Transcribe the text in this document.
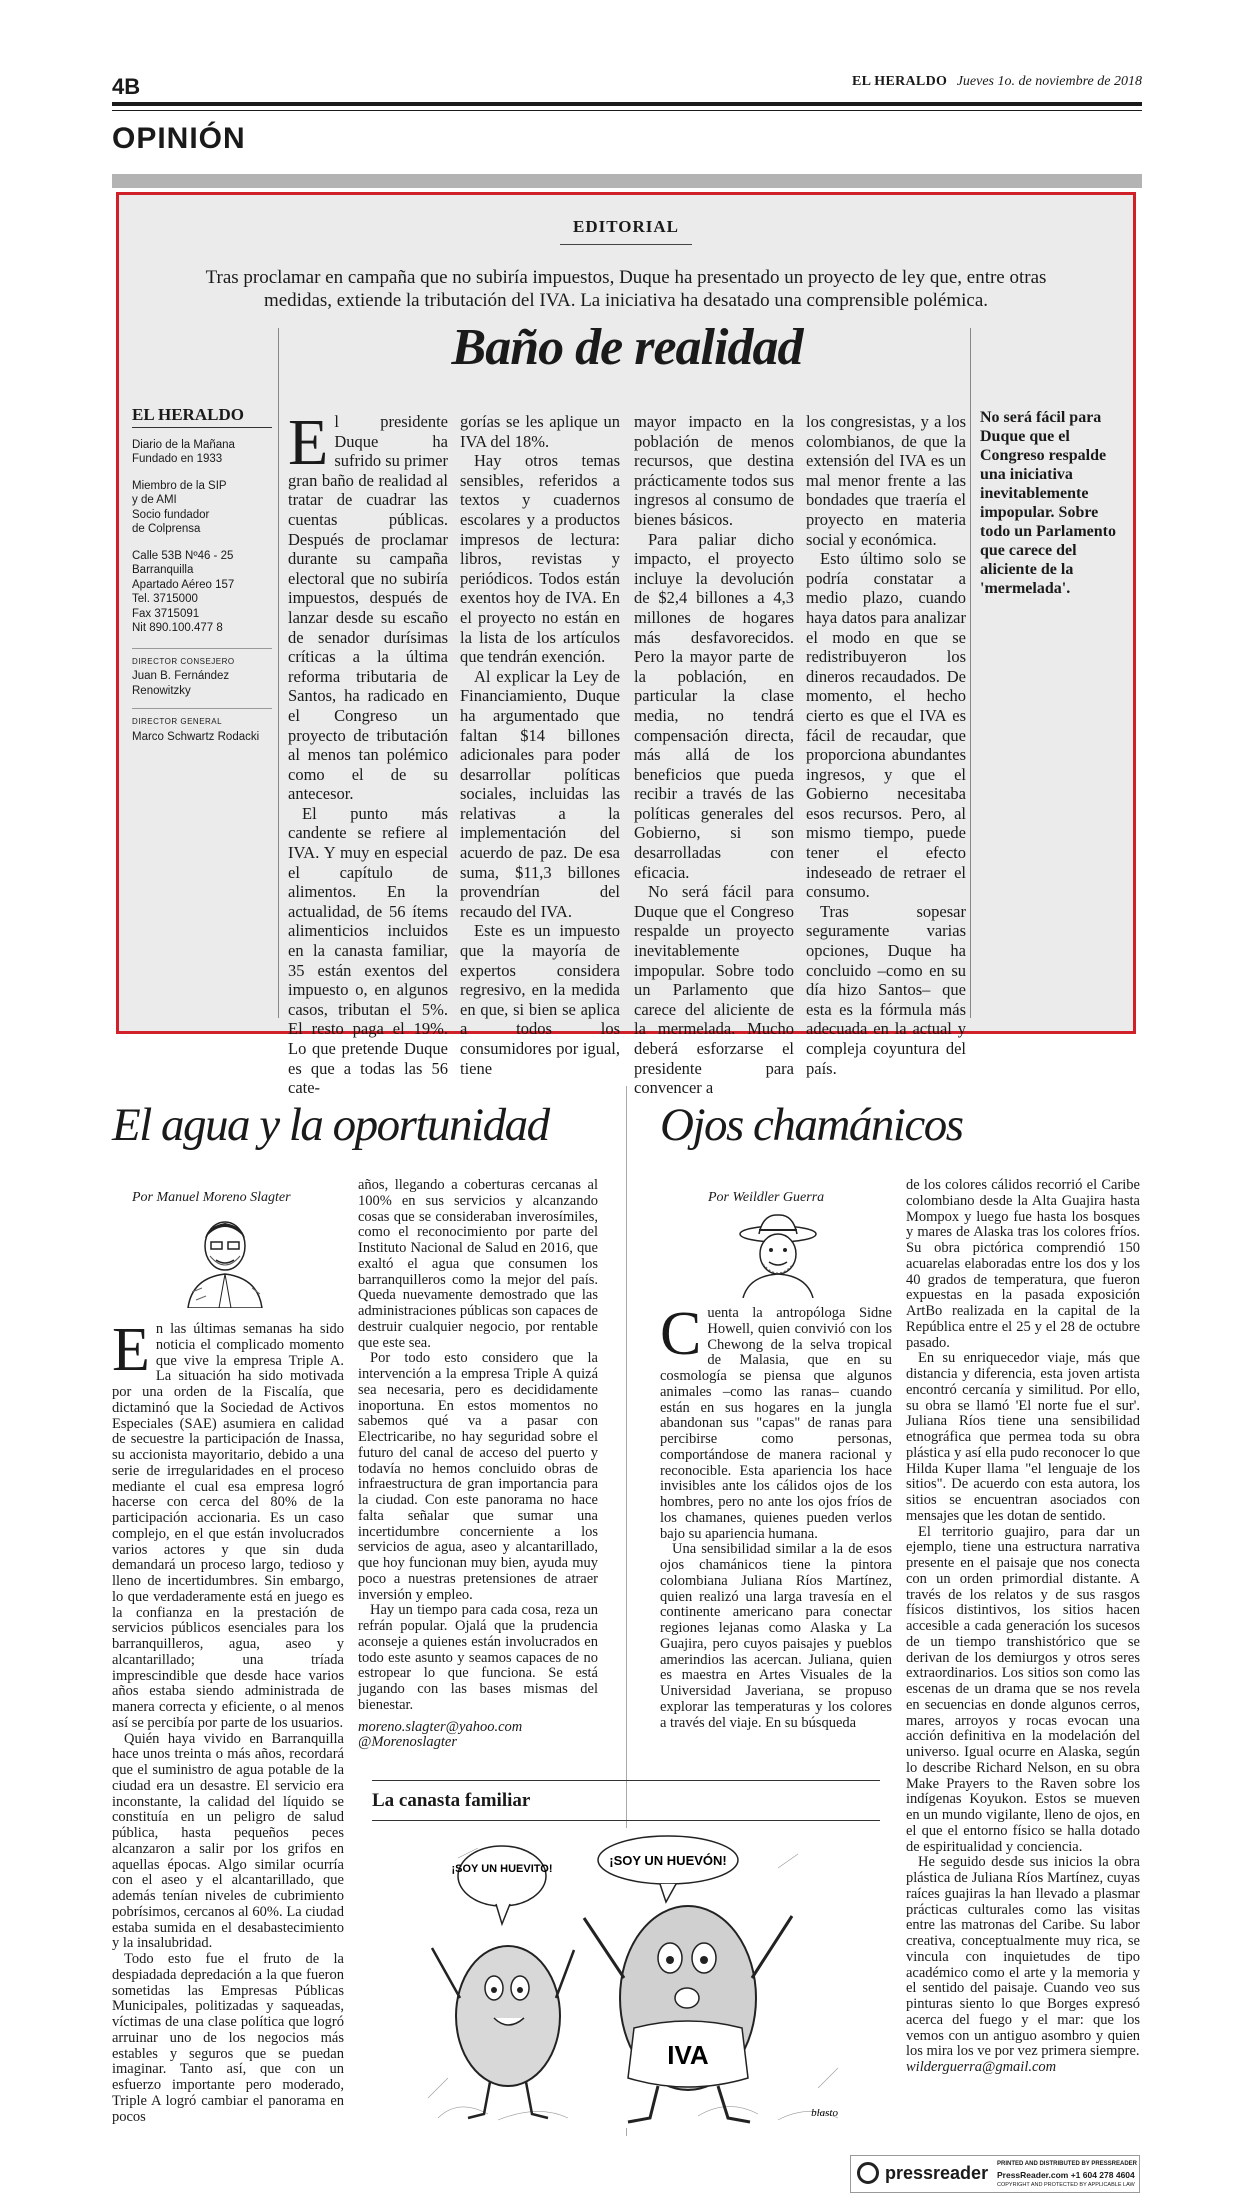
4B	EL HERALDO Jueves 1o. de noviembre de 2018
OPINIÓN
EDITORIAL
Tras proclamar en campaña que no subiría impuestos, Duque ha presentado un proyecto de ley que, entre otras medidas, extiende la tributación del IVA. La iniciativa ha desatado una comprensible polémica.
Baño de realidad
EL HERALDO
Diario de la Mañana
Fundado en 1933
Miembro de la SIP
y de AMI
Socio fundador
de Colprensa
Calle 53B Nº46 - 25
Barranquilla
Apartado Aéreo 157
Tel. 3715000
Fax 3715091
Nit 890.100.477 8
DIRECTOR CONSEJERO
Juan B. Fernández Renowitzky
DIRECTOR GENERAL
Marco Schwartz Rodacki

El presidente Duque ha sufrido su primer gran baño de realidad al tratar de cuadrar las cuentas públicas. Después de proclamar durante su campaña electoral que no subiría impuestos, después de lanzar desde su escaño de senador durísimas críticas a la última reforma tributaria de Santos, ha radicado en el Congreso un proyecto de tributación al menos tan polémico como el de su antecesor.

El punto más candente se refiere al IVA. Y muy en especial el capítulo de alimentos. En la actualidad, de 56 ítems alimenticios incluidos en la canasta familiar, 35 están exentos del impuesto o, en algunos casos, tributan el 5%. El resto paga el 19%. Lo que pretende Duque es que a todas las 56 cate-

gorías se les aplique un IVA del 18%.

Hay otros temas sensibles, referidos a textos y cuadernos escolares y a productos impresos de lectura: libros, revistas y periódicos. Todos están exentos hoy de IVA. En el proyecto no están en la lista de los artículos que tendrán exención.

Al explicar la Ley de Financiamiento, Duque ha argumentado que faltan $14 billones adicionales para poder desarrollar políticas sociales, incluidas las relativas a la implementación del acuerdo de paz. De esa suma, $11,3 billones provendrían del recaudo del IVA.

Este es un impuesto que la mayoría de expertos considera regresivo, en la medida en que, si bien se aplica a todos los consumidores por igual, tiene

mayor impacto en la población de menos recursos, que destina prácticamente todos sus ingresos al consumo de bienes básicos.

Para paliar dicho impacto, el proyecto incluye la devolución de $2,4 billones a 4,3 millones de hogares más desfavorecidos. Pero la mayor parte de la población, en particular la clase media, no tendrá compensación directa, más allá de los beneficios que pueda recibir a través de las políticas generales del Gobierno, si son desarrolladas con eficacia.

No será fácil para Duque que el Congreso respalde un proyecto inevitablemente impopular. Sobre todo un Parlamento que carece del aliciente de la mermelada. Mucho deberá esforzarse el presidente para convencer a

los congresistas, y a los colombianos, de que la extensión del IVA es un mal menor frente a las bondades que traería el proyecto en materia social y económica.

Esto último solo se podría constatar a medio plazo, cuando haya datos para analizar el modo en que se redistribuyeron los dineros recaudados. De momento, el hecho cierto es que el IVA es fácil de recaudar, que proporciona abundantes ingresos, y que el Gobierno necesitaba esos recursos. Pero, al mismo tiempo, puede tener el efecto indeseado de retraer el consumo.

Tras sopesar seguramente varias opciones, Duque ha concluido –como en su día hizo Santos– que esta es la fórmula más adecuada en la actual y compleja coyuntura del país.

No será fácil para Duque que el Congreso respalde una iniciativa inevitablemente impopular. Sobre todo un Parlamento que carece del aliciente de la 'mermelada'.
El agua y la oportunidad
Por Manuel Moreno Slagter

En las últimas semanas ha sido noticia el complicado momento que vive la empresa Triple A. La situación ha sido motivada por una orden de la Fiscalía, que dictaminó que la Sociedad de Activos Especiales (SAE) asumiera en calidad de secuestre la participación de Inassa, su accionista mayoritario, debido a una serie de irregularidades en el proceso mediante el cual esa empresa logró hacerse con cerca del 80% de la participación accionaria. Es un caso complejo, en el que están involucrados varios actores y que sin duda demandará un proceso largo, tedioso y lleno de incertidumbres. Sin embargo, lo que verdaderamente está en juego es la confianza en la prestación de servicios públicos esenciales para los barranquilleros, agua, aseo y alcantarillado; una tríada imprescindible que desde hace varios años estaba siendo administrada de manera correcta y eficiente, o al menos así se percibía por parte de los usuarios.

Quién haya vivido en Barranquilla hace unos treinta o más años, recordará que el suministro de agua potable de la ciudad era un desastre. El servicio era inconstante, la calidad del líquido se constituía en un peligro de salud pública, hasta pequeños peces alcanzaron a salir por los grifos en aquellas épocas. Algo similar ocurría con el aseo y el alcantarillado, que además tenían niveles de cubrimiento pobrísimos, cercanos al 60%. La ciudad estaba sumida en el desabastecimiento y la insalubridad.

Todo esto fue el fruto de la despiadada depredación a la que fueron sometidas las Empresas Públicas Municipales, politizadas y saqueadas, víctimas de una clase política que logró arruinar uno de los negocios más estables y seguros que se puedan imaginar. Tanto así, que con un esfuerzo importante pero moderado, Triple A logró cambiar el panorama en pocos

años, llegando a coberturas cercanas al 100% en sus servicios y alcanzando cosas que se consideraban inverosímiles, como el reconocimiento por parte del Instituto Nacional de Salud en 2016, que exaltó el agua que consumen los barranquilleros como la mejor del país. Queda nuevamente demostrado que las administraciones públicas son capaces de destruir cualquier negocio, por rentable que este sea.

Por todo esto considero que la intervención a la empresa Triple A quizá sea necesaria, pero es decididamente inoportuna. En estos momentos no sabemos qué va a pasar con Electricaribe, no hay seguridad sobre el futuro del canal de acceso del puerto y todavía no hemos concluido obras de infraestructura de gran importancia para la ciudad. Con este panorama no hace falta señalar que sumar una incertidumbre concerniente a los servicios de agua, aseo y alcantarillado, que hoy funcionan muy bien, ayuda muy poco a nuestras pretensiones de atraer inversión y empleo.

Hay un tiempo para cada cosa, reza un refrán popular. Ojalá que la prudencia aconseje a quienes están involucrados en todo este asunto y seamos capaces de no estropear lo que funciona. Se está jugando con las bases mismas del bienestar.

moreno.slagter@yahoo.com

@Morenoslagter

Ojos chamánicos
Por Weildler Guerra

Cuenta la antropóloga Sidne Howell, quien convivió con los Chewong de la selva tropical de Malasia, que en su cosmología se piensa que algunos animales –como las ranas– cuando están en sus hogares en la jungla abandonan sus "capas" de ranas para percibirse como personas, comportándose de manera racional y reconocible. Esta apariencia los hace invisibles ante los cálidos ojos de los hombres, pero no ante los ojos fríos de los chamanes, quienes pueden verlos bajo su apariencia humana.

Una sensibilidad similar a la de esos ojos chamánicos tiene la pintora colombiana Juliana Ríos Martínez, quien realizó una larga travesía en el continente americano para conectar regiones lejanas como Alaska y La Guajira, pero cuyos paisajes y pueblos amerindios las acercan. Juliana, quien es maestra en Artes Visuales de la Universidad Javeriana, se propuso explorar las temperaturas y los colores a través del viaje. En su búsqueda

de los colores cálidos recorrió el Caribe colombiano desde la Alta Guajira hasta Mompox y luego fue hasta los bosques y mares de Alaska tras los colores fríos. Su obra pictórica comprendió 150 acuarelas elaboradas entre los dos y los 40 grados de temperatura, que fueron expuestas en la pasada exposición ArtBo realizada en la capital de la República entre el 25 y el 28 de octubre pasado.

En su enriquecedor viaje, más que distancia y diferencia, esta joven artista encontró cercanía y similitud. Por ello, su obra se llamó 'El norte fue el sur'. Juliana Ríos tiene una sensibilidad etnográfica que permea toda su obra plástica y así ella pudo reconocer lo que Hilda Kuper llama "el lenguaje de los sitios". De acuerdo con esta autora, los sitios se encuentran asociados con mensajes que les dotan de sentido.

El territorio guajiro, para dar un ejemplo, tiene una estructura narrativa presente en el paisaje que nos conecta con un orden primordial distante. A través de los relatos y de sus rasgos físicos distintivos, los sitios hacen accesible a cada generación los sucesos de un tiempo transhistórico que se derivan de los demiurgos y otros seres extraordinarios. Los sitios son como las escenas de un drama que se nos revela en secuencias en donde algunos cerros, mares, arroyos y rocas evocan una acción definitiva en la modelación del universo. Igual ocurre en Alaska, según lo describe Richard Nelson, en su obra Make Prayers to the Raven sobre los indígenas Koyukon. Estos se mueven en un mundo vigilante, lleno de ojos, en el que el entorno físico se halla dotado de espiritualidad y conciencia.

He seguido desde sus inicios la obra plástica de Juliana Ríos Martínez, cuyas raíces guajiras la han llevado a plasmar prácticas culturales como las visitas entre las matronas del Caribe. Su labor creativa, conceptualmente muy rica, se vincula con inquietudes de tipo académico como el arte y la memoria y el sentido del paisaje. Cuando veo sus pinturas siento lo que Borges expresó acerca del fuego y el mar: que los vemos con un antiguo asombro y quien los mira los ve por vez primera siempre.

wilderguerra@gmail.com

La canasta familiar
¡SOY UN HUEVITO!
¡SOY UN HUEVÓN!
IVA
blasto
pressreader PRINTED AND DISTRIBUTED BY PRESSREADER
PressReader.com +1 604 278 4604
COPYRIGHT AND PROTECTED BY APPLICABLE LAW
